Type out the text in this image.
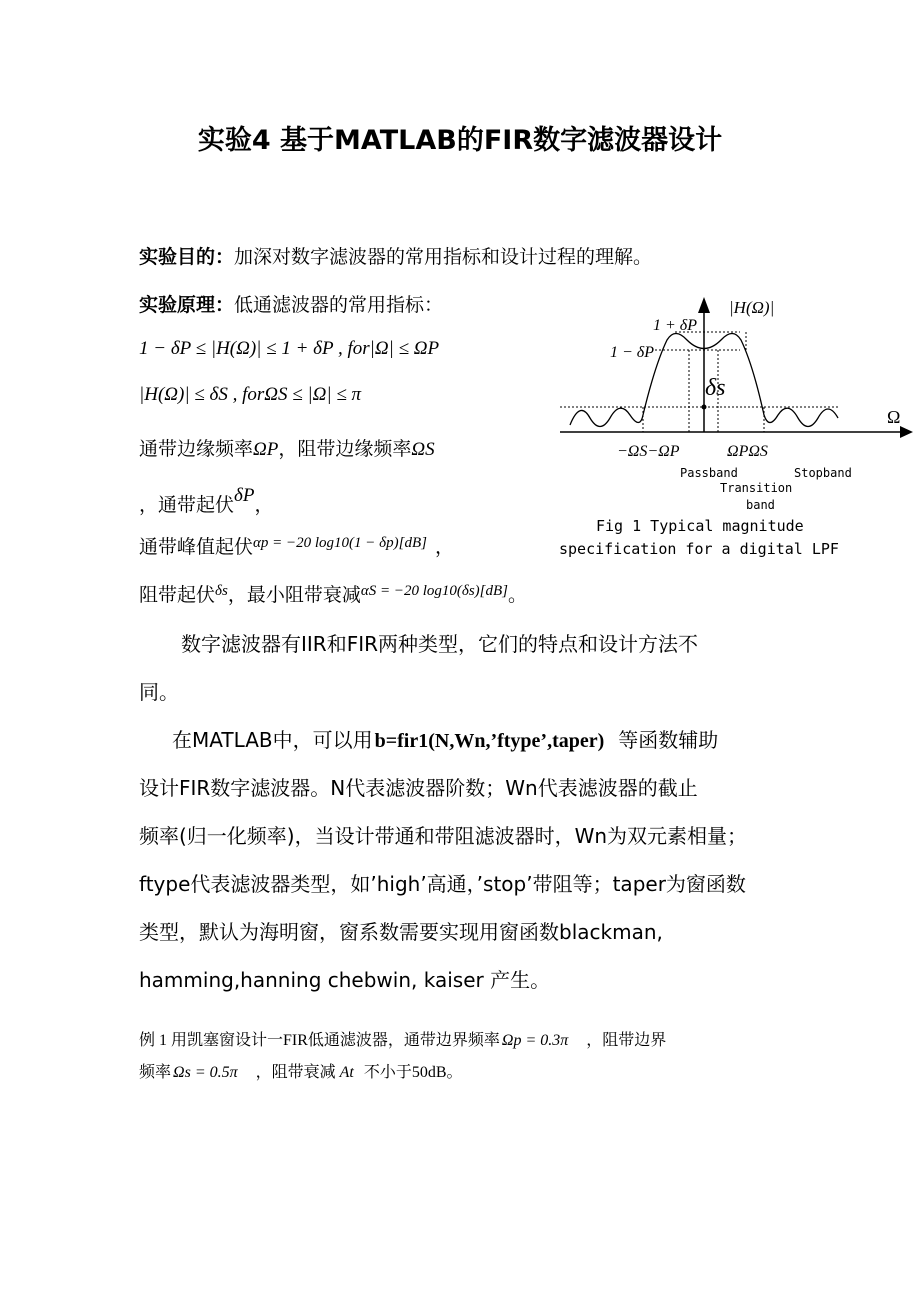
实验4 基于MATLAB的FIR数字滤波器设计
实验目的：加深对数字滤波器的常用指标和设计过程的理解。
实验原理：低通滤波器的常用指标：
1 − δP ≤ |H(Ω)| ≤ 1 + δP , for|Ω| ≤ ΩP
|H(Ω)| ≤ δS , forΩS ≤ |Ω| ≤ π
通带边缘频率ΩP，阻带边缘频率ΩS
，通带起伏δP，
通带峰值起伏$^{\alpha p = -20 log10(1 - \delta p)[dB]}$ ，
阻带起伏$^{\delta s}$，最小阻带衰减$^{\alpha S = -20 log10(\delta s)[dB]}$。
|H(Ω)|
1 + δP
1 − δP
δs
Ω
−ΩS−ΩP	ΩPΩS
Passband	Stopband
Transition
band
Fig 1 Typical magnitude
specification for a digital LPF
数字滤波器有IIR和FIR两种类型，它们的特点和设计方法不
同。
在MATLAB中，可以用 b=fir1(N,Wn,’ftype’,taper) 等函数辅助
设计FIR数字滤波器。N代表滤波器阶数；Wn代表滤波器的截止
频率(归一化频率)，当设计带通和带阻滤波器时，Wn为双元素相量；
ftype代表滤波器类型，如’high’高通，’stop’带阻等；taper为窗函数
类型，默认为海明窗，窗系数需要实现用窗函数blackman,
hamming,hanning chebwin, kaiser 产生。
例 1 用凯塞窗设计一FIR低通滤波器，通带边界频率 Ωp = 0.3π ，阻带边界
频率 Ωs = 0.5π ，阻带衰减 At 不小于50dB。
